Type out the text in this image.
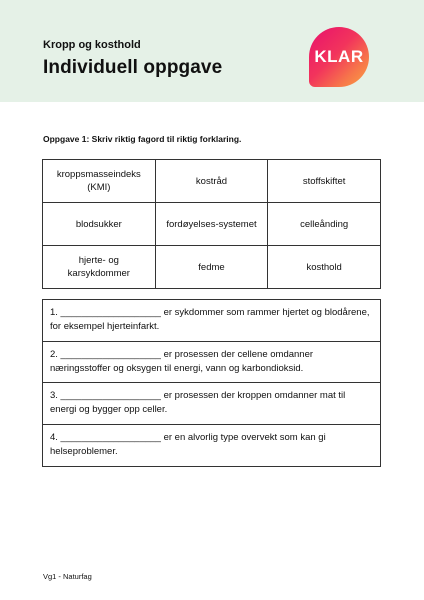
Kropp og kosthold
Individuell oppgave
KLAR
Oppgave 1: Skriv riktig fagord til riktig forklaring.
kroppsmasseindeks (KMI)	kostråd	stoffskiftet
blodsukker	fordøyelses-systemet	celleånding
hjerte- og karsykdommer	fedme	kosthold
1. ___________________ er sykdommer som rammer hjertet og blodårene, for eksempel hjerteinfarkt.
2. ___________________ er prosessen der cellene omdanner næringsstoffer og oksygen til energi, vann og karbondioksid.
3. ___________________ er prosessen der kroppen omdanner mat til energi og bygger opp celler.
4. ___________________ er en alvorlig type overvekt som kan gi helseproblemer.
Vg1 - Naturfag
